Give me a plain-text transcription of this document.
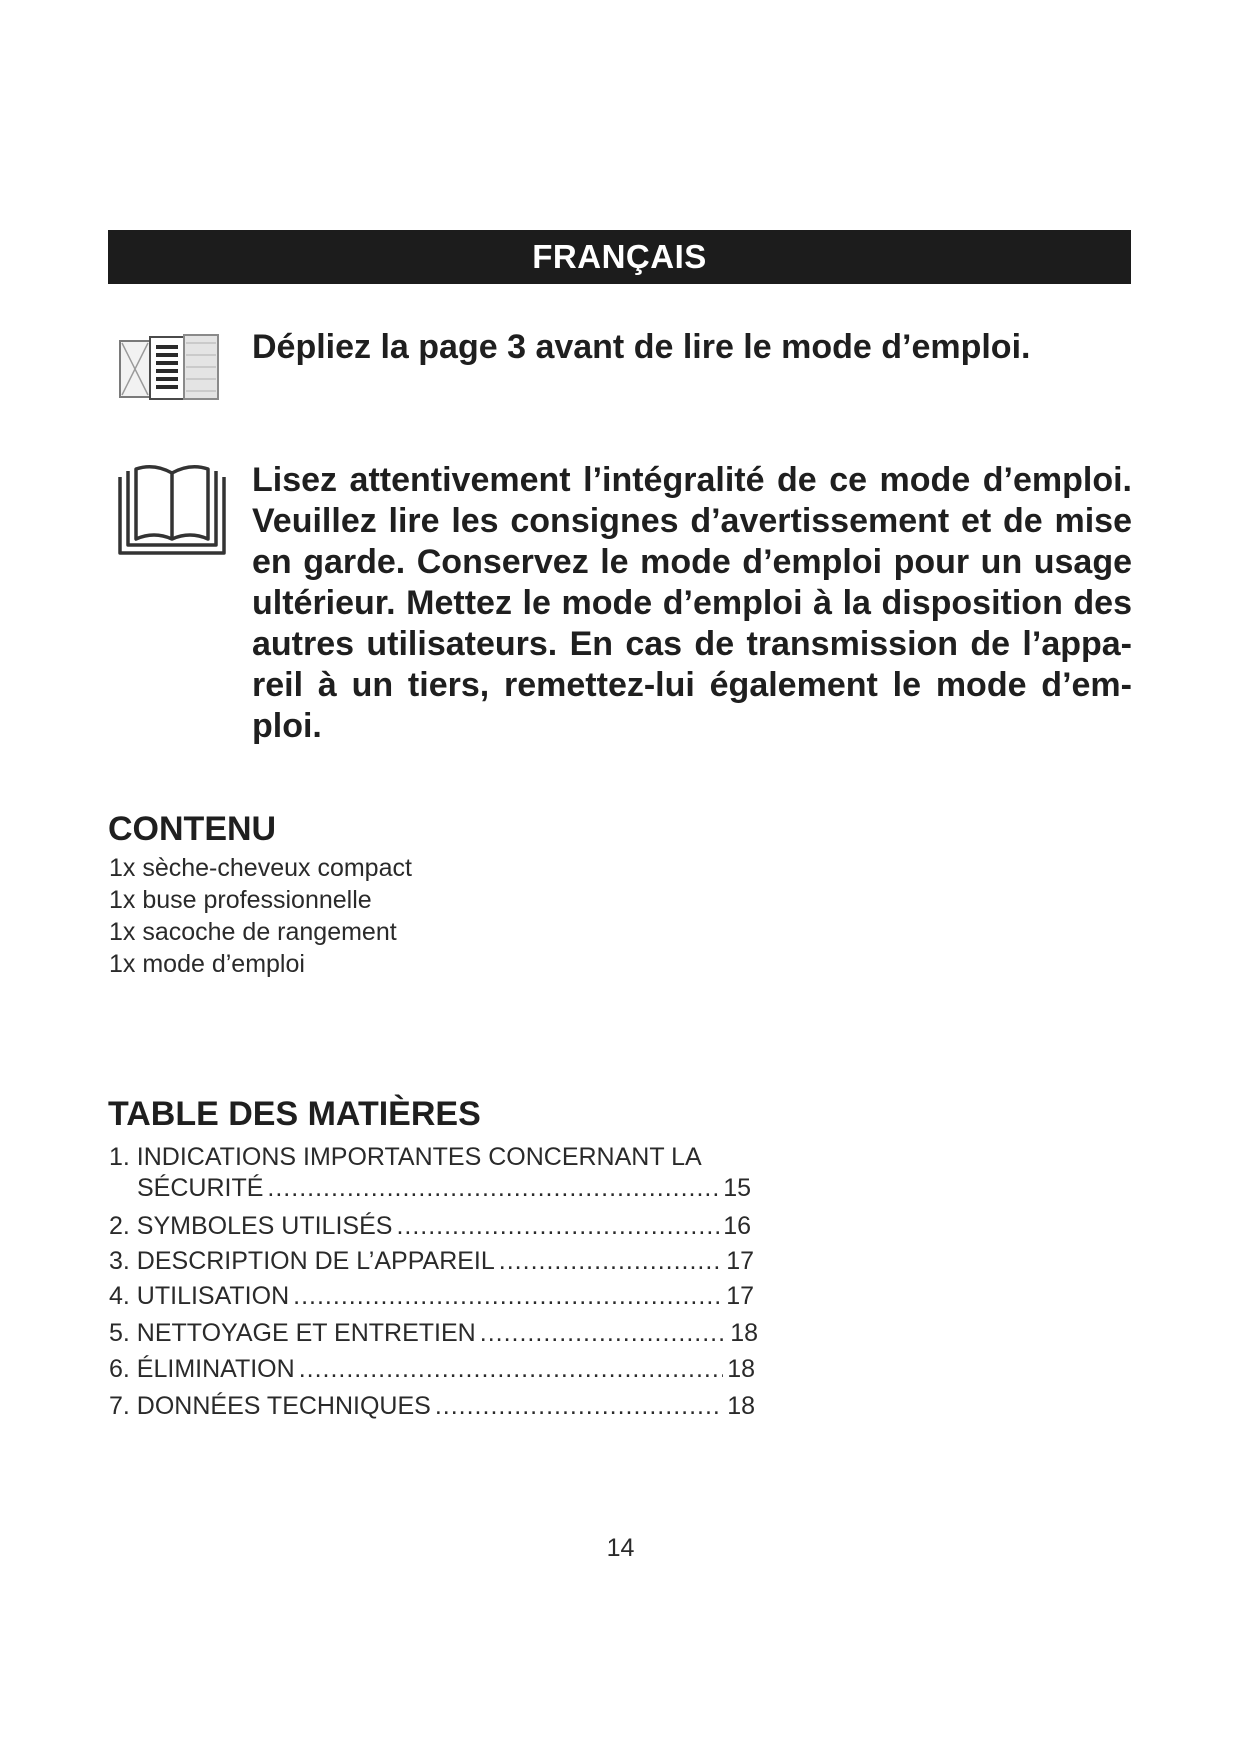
FRANÇAIS
Dépliez la page 3 avant de lire le mode d’emploi.
Lisez attentivement l’intégralité de ce mode d’emploi.
Veuillez lire les consignes d’avertissement et de mise
en garde. Conservez le mode d’emploi pour un usage
ultérieur. Mettez le mode d’emploi à la disposition des
autres utilisateurs. En cas de transmission de l’appa-
reil à un tiers, remettez-lui également le mode d’em-
ploi.
CONTENU
1x sèche-cheveux compact
1x buse professionnelle
1x sacoche de rangement
1x mode d’emploi
TABLE DES MATIÈRES
1. INDICATIONS IMPORTANTES CONCERNANT LA
SÉCURITÉ .....	15
2. SYMBOLES UTILISÉS .....	16
3. DESCRIPTION DE L’APPAREIL .....	17
4. UTILISATION .....	17
5. NETTOYAGE ET ENTRETIEN .....	18
6. ÉLIMINATION .....	18
7. DONNÉES TECHNIQUES .....	18
14
